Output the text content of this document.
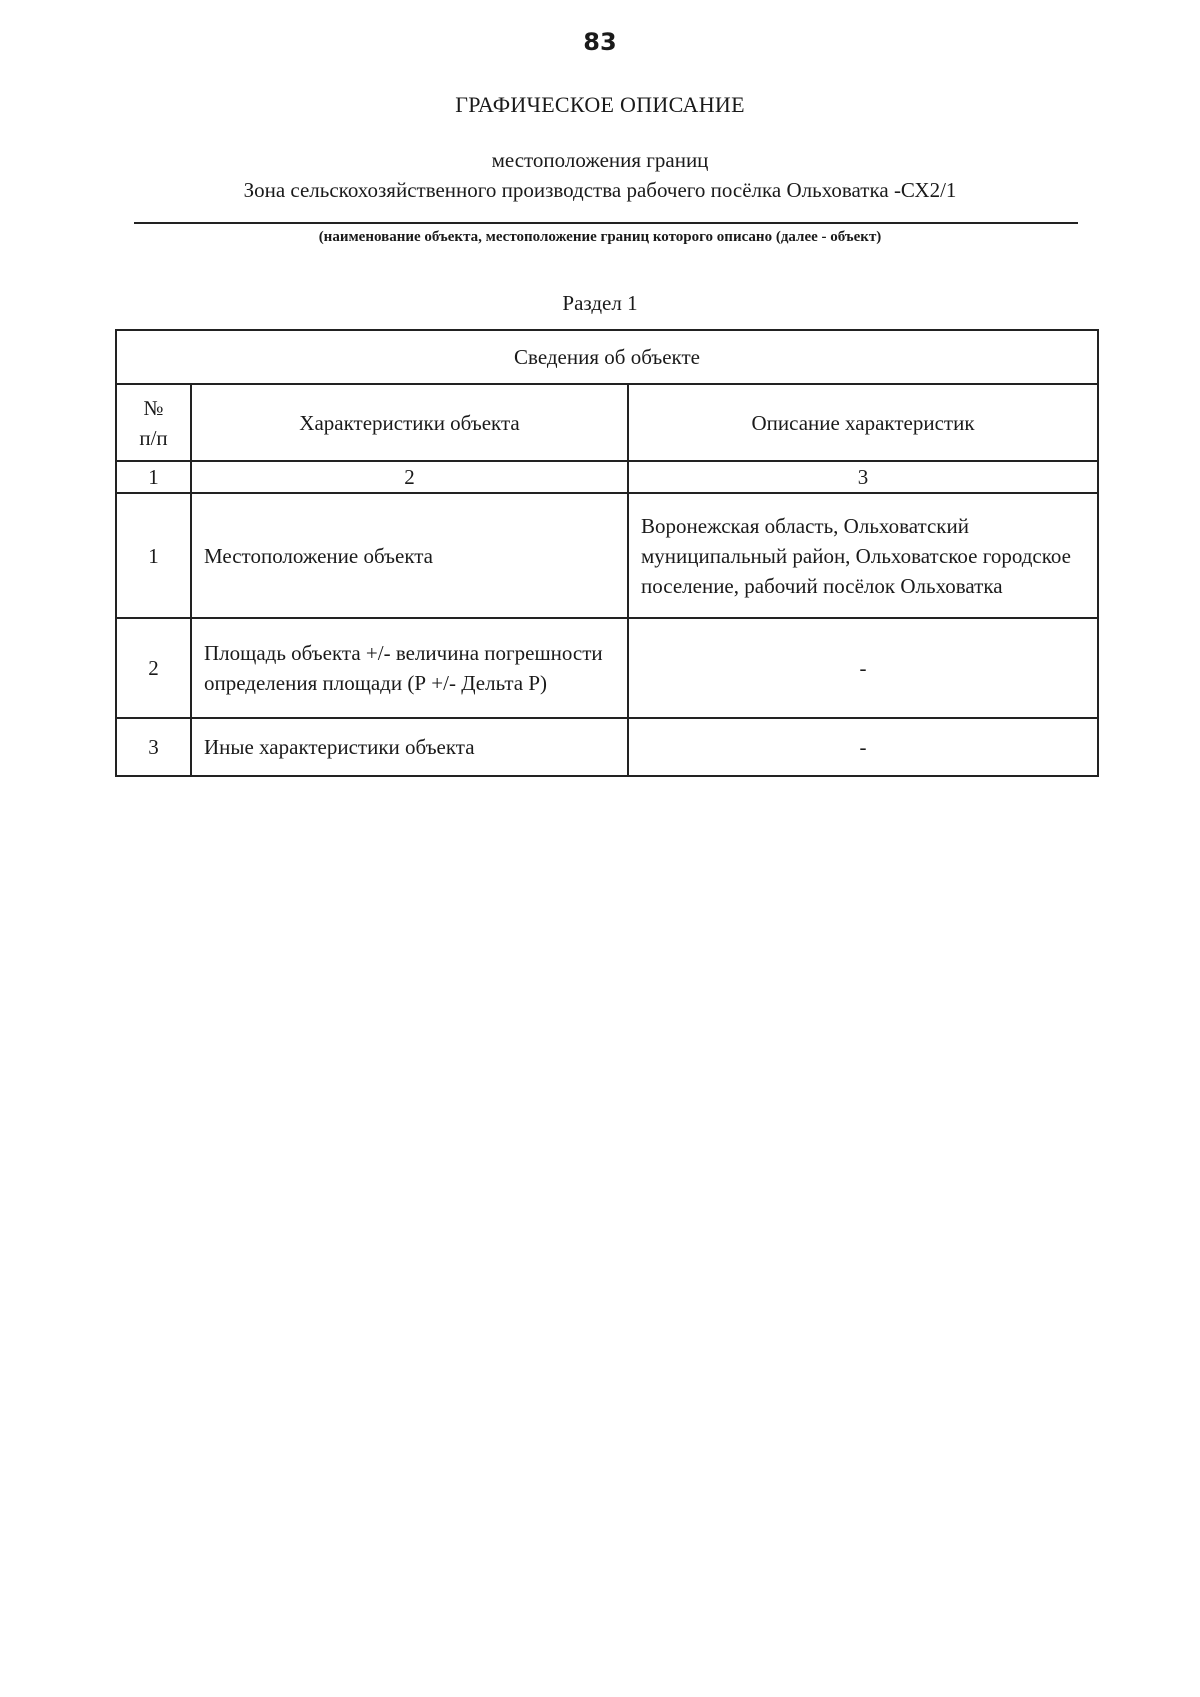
83
ГРАФИЧЕСКОЕ ОПИСАНИЕ
местоположения границ
Зона сельскохозяйственного производства рабочего посёлка Ольховатка -СХ2/1
(наименование объекта, местоположение границ которого описано (далее - объект)
Раздел 1
Сведения об объекте		

№ п/п	Характеристики объекта	Описание характеристик
1	2	3
1	Местоположение объекта	Воронежская область, Ольховатский муниципальный район, Ольховатское городское поселение, рабочий посёлок Ольховатка
2	Площадь объекта +/- величина погрешности определения площади (Р +/- Дельта Р)	-
3	Иные характеристики объекта	-
